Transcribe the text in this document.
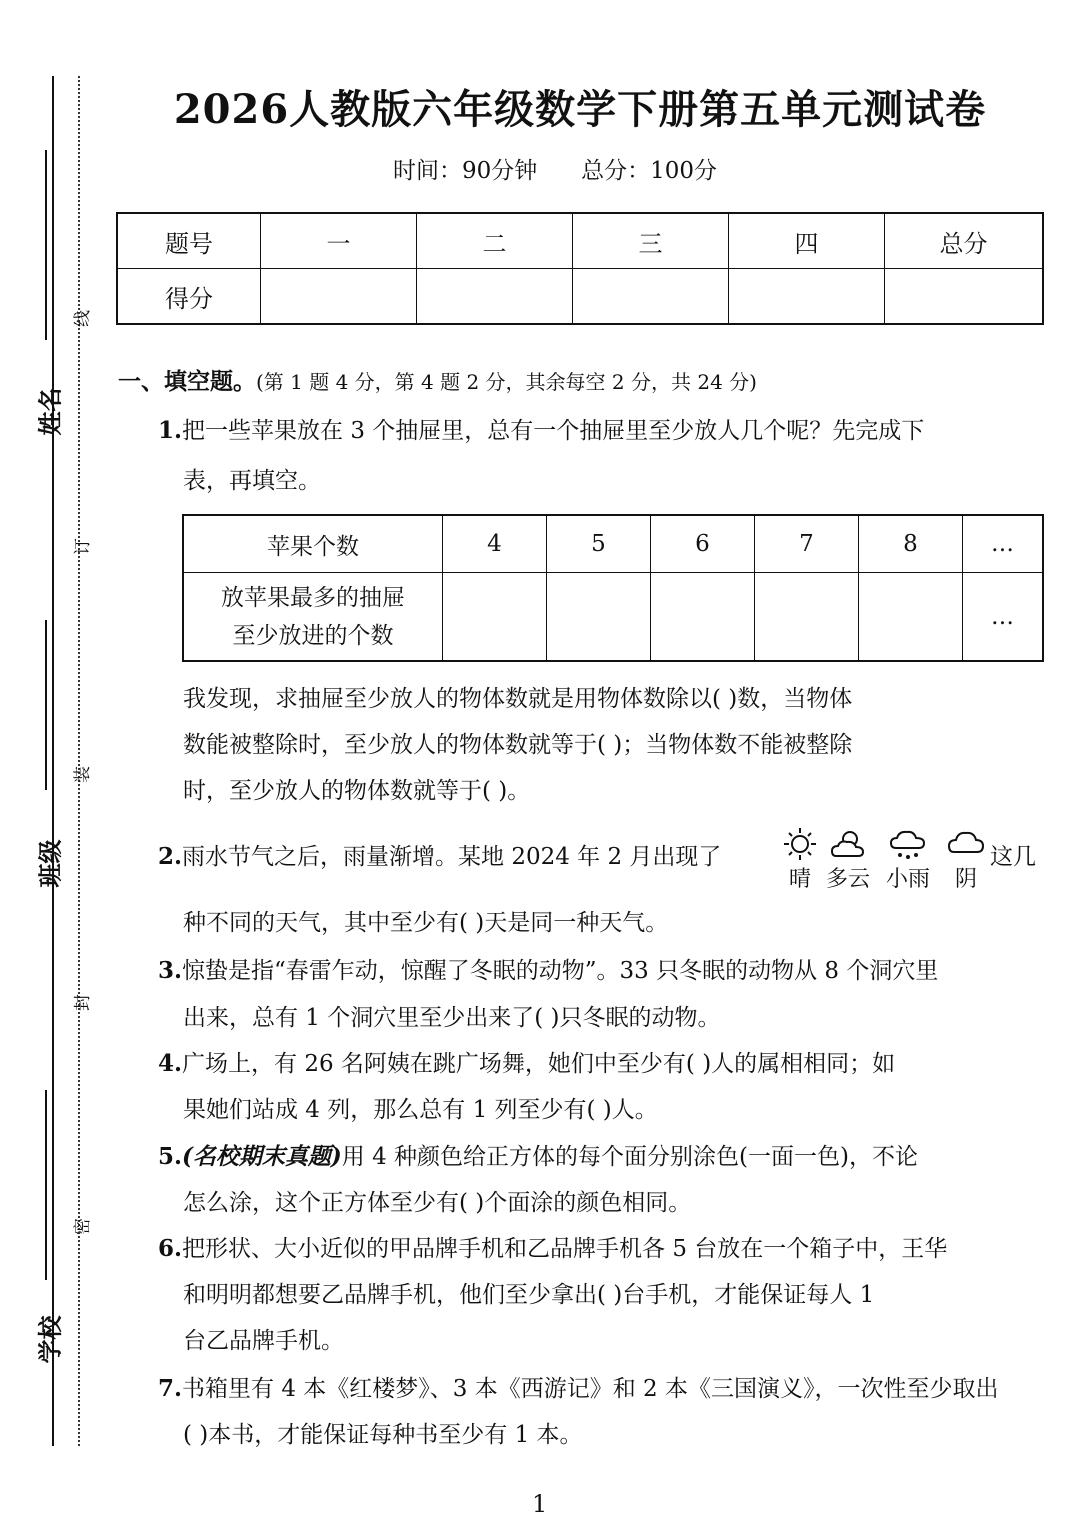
2026人教版六年级数学下册第五单元测试卷
时间：90分钟 总分：100分
姓名
班级
学校
线
订
装
封
密
题号	一	二	三	四	总分
得分					
一、填空题。(第 1 题 4 分，第 4 题 2 分，其余每空 2 分，共 24 分)
1.把一些苹果放在 3 个抽屉里，总有一个抽屉里至少放人几个呢？先完成下
表，再填空。
苹果个数	4	5	6	7	8	…
放苹果最多的抽屉
至少放进的个数						…
我发现，求抽屉至少放人的物体数就是用物体数除以( )数，当物体
数能被整除时，至少放人的物体数就等于( )；当物体数不能被整除
时，至少放人的物体数就等于( )。
2.雨水节气之后，雨量渐增。某地 2024 年 2 月出现了
晴 多云 小雨	阴
这几
种不同的天气，其中至少有( )天是同一种天气。
3.惊蛰是指“春雷乍动，惊醒了冬眠的动物”。33 只冬眠的动物从 8 个洞穴里
出来，总有 1 个洞穴里至少出来了( )只冬眠的动物。
4.广场上，有 26 名阿姨在跳广场舞，她们中至少有( )人的属相相同；如
果她们站成 4 列，那么总有 1 列至少有( )人。
5.(名校期末真题)用 4 种颜色给正方体的每个面分别涂色(一面一色)，不论
怎么涂，这个正方体至少有( )个面涂的颜色相同。
6.把形状、大小近似的甲品牌手机和乙品牌手机各 5 台放在一个箱子中，王华
和明明都想要乙品牌手机，他们至少拿出( )台手机，才能保证每人 1
台乙品牌手机。
7.书箱里有 4 本《红楼梦》、3 本《西游记》和 2 本《三国演义》，一次性至少取出
( )本书，才能保证每种书至少有 1 本。
1
